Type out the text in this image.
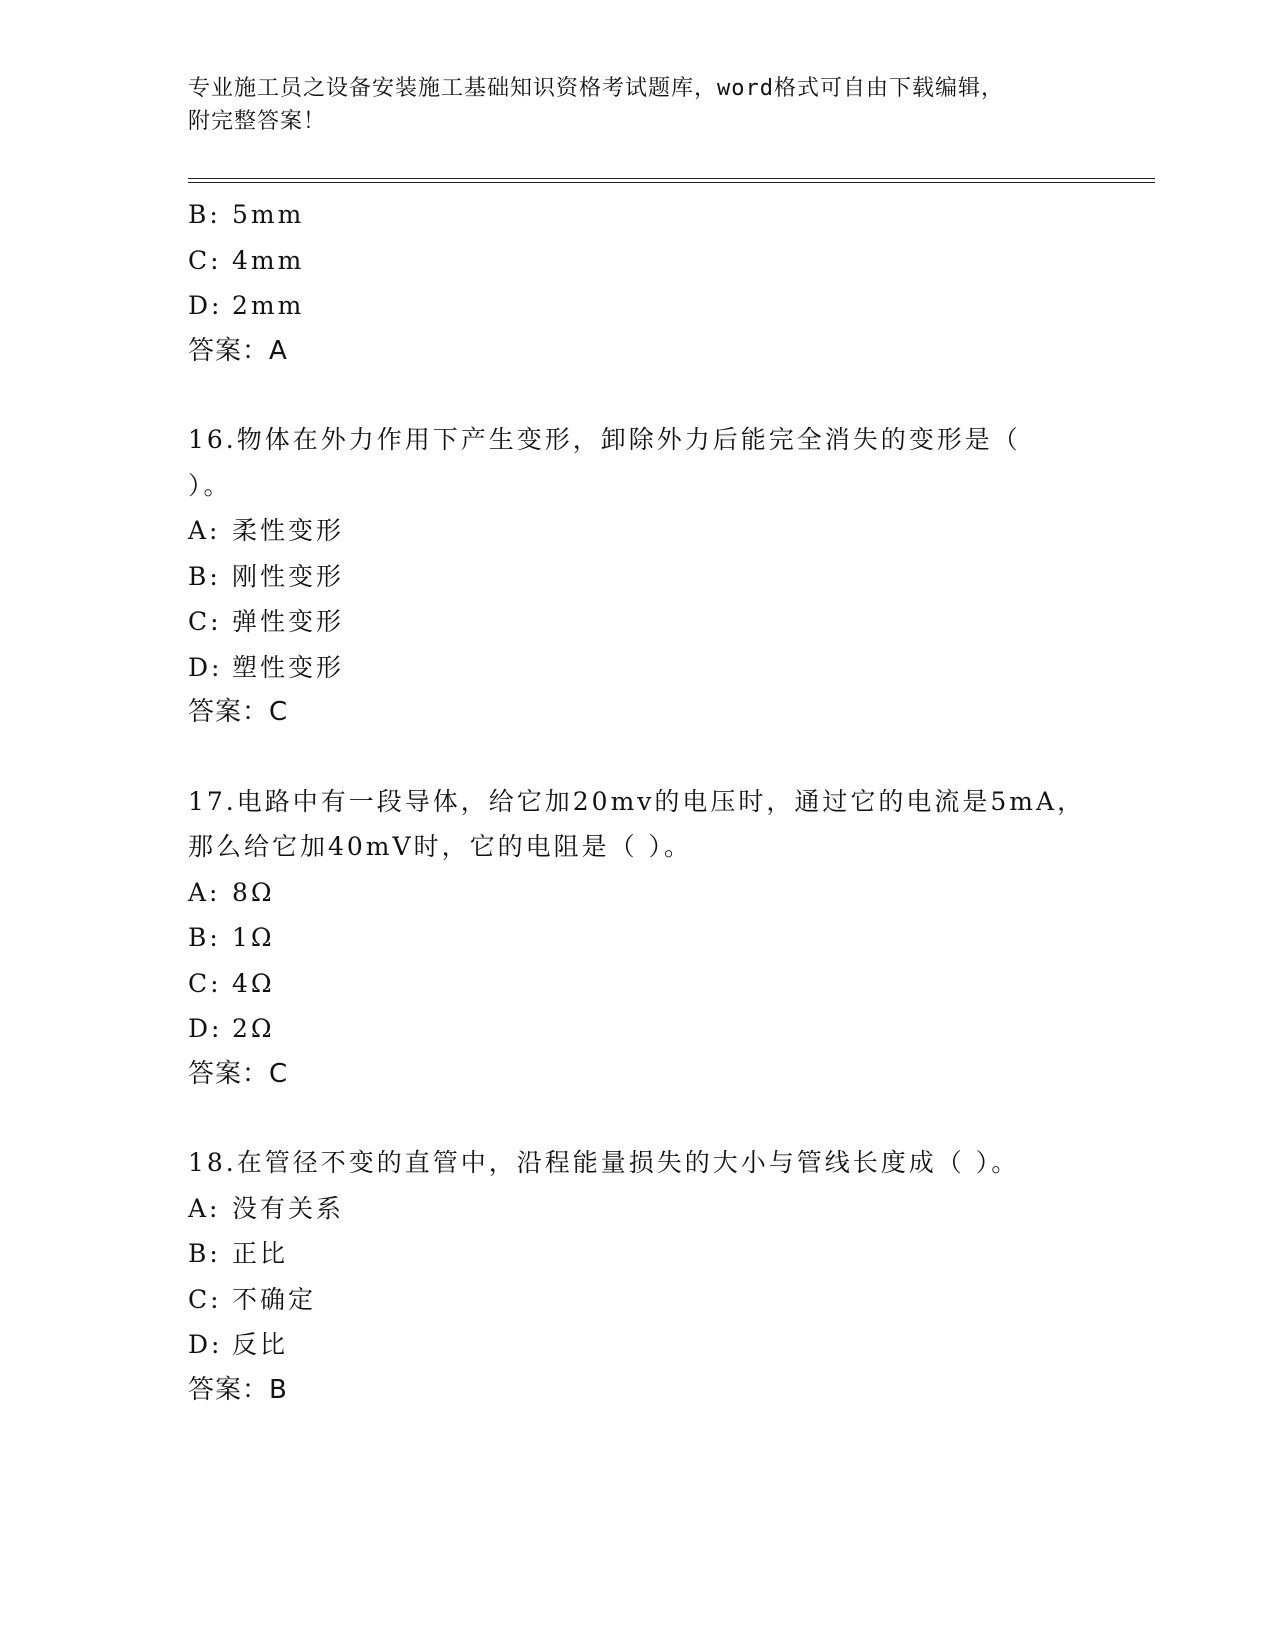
专业施工员之设备安装施工基础知识资格考试题库，word格式可自由下载编辑，
附完整答案！
B: 5mm
C: 4mm
D: 2mm
答案：A
16.物体在外力作用下产生变形，卸除外力后能完全消失的变形是（
）。
A: 柔性变形
B: 刚性变形
C: 弹性变形
D: 塑性变形
答案：C
17.电路中有一段导体，给它加20mv的电压时，通过它的电流是5mA，
那么给它加40mV时，它的电阻是（ ）。
A: 8Ω
B: 1Ω
C: 4Ω
D: 2Ω
答案：C
18.在管径不变的直管中，沿程能量损失的大小与管线长度成（ ）。
A: 没有关系
B: 正比
C: 不确定
D: 反比
答案：B
